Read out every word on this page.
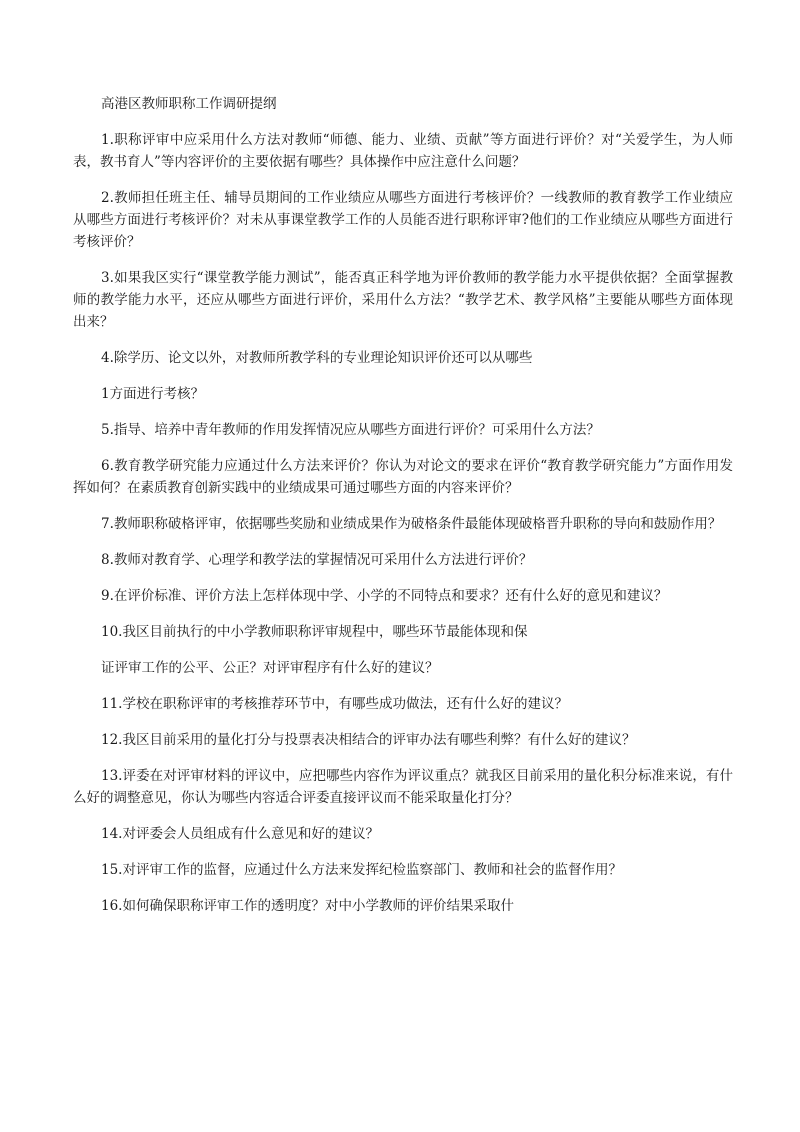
高港区教师职称工作调研提纲

1.职称评审中应采用什么方法对教师“师德、能力、业绩、贡献”等方面进行评价？对“关爱学生，为人师表，教书育人”等内容评价的主要依据有哪些？具体操作中应注意什么问题？

2.教师担任班主任、辅导员期间的工作业绩应从哪些方面进行考核评价？一线教师的教育教学工作业绩应从哪些方面进行考核评价？对未从事课堂教学工作的人员能否进行职称评审?他们的工作业绩应从哪些方面进行考核评价？

3.如果我区实行“课堂教学能力测试”，能否真正科学地为评价教师的教学能力水平提供依据？全面掌握教师的教学能力水平，还应从哪些方面进行评价，采用什么方法？“教学艺术、教学风格”主要能从哪些方面体现出来？

4.除学历、论文以外，对教师所教学科的专业理论知识评价还可以从哪些

1方面进行考核？

5.指导、培养中青年教师的作用发挥情况应从哪些方面进行评价？可采用什么方法？

6.教育教学研究能力应通过什么方法来评价？你认为对论文的要求在评价“教育教学研究能力”方面作用发挥如何？在素质教育创新实践中的业绩成果可通过哪些方面的内容来评价？

7.教师职称破格评审，依据哪些奖励和业绩成果作为破格条件最能体现破格晋升职称的导向和鼓励作用？

8.教师对教育学、心理学和教学法的掌握情况可采用什么方法进行评价？

9.在评价标准、评价方法上怎样体现中学、小学的不同特点和要求？还有什么好的意见和建议？

10.我区目前执行的中小学教师职称评审规程中，哪些环节最能体现和保

证评审工作的公平、公正？对评审程序有什么好的建议？

11.学校在职称评审的考核推荐环节中，有哪些成功做法，还有什么好的建议？

12.我区目前采用的量化打分与投票表决相结合的评审办法有哪些利弊？有什么好的建议？

13.评委在对评审材料的评议中，应把哪些内容作为评议重点？就我区目前采用的量化积分标准来说，有什么好的调整意见，你认为哪些内容适合评委直接评议而不能采取量化打分？

14.对评委会人员组成有什么意见和好的建议？

15.对评审工作的监督，应通过什么方法来发挥纪检监察部门、教师和社会的监督作用？

16.如何确保职称评审工作的透明度？对中小学教师的评价结果采取什
